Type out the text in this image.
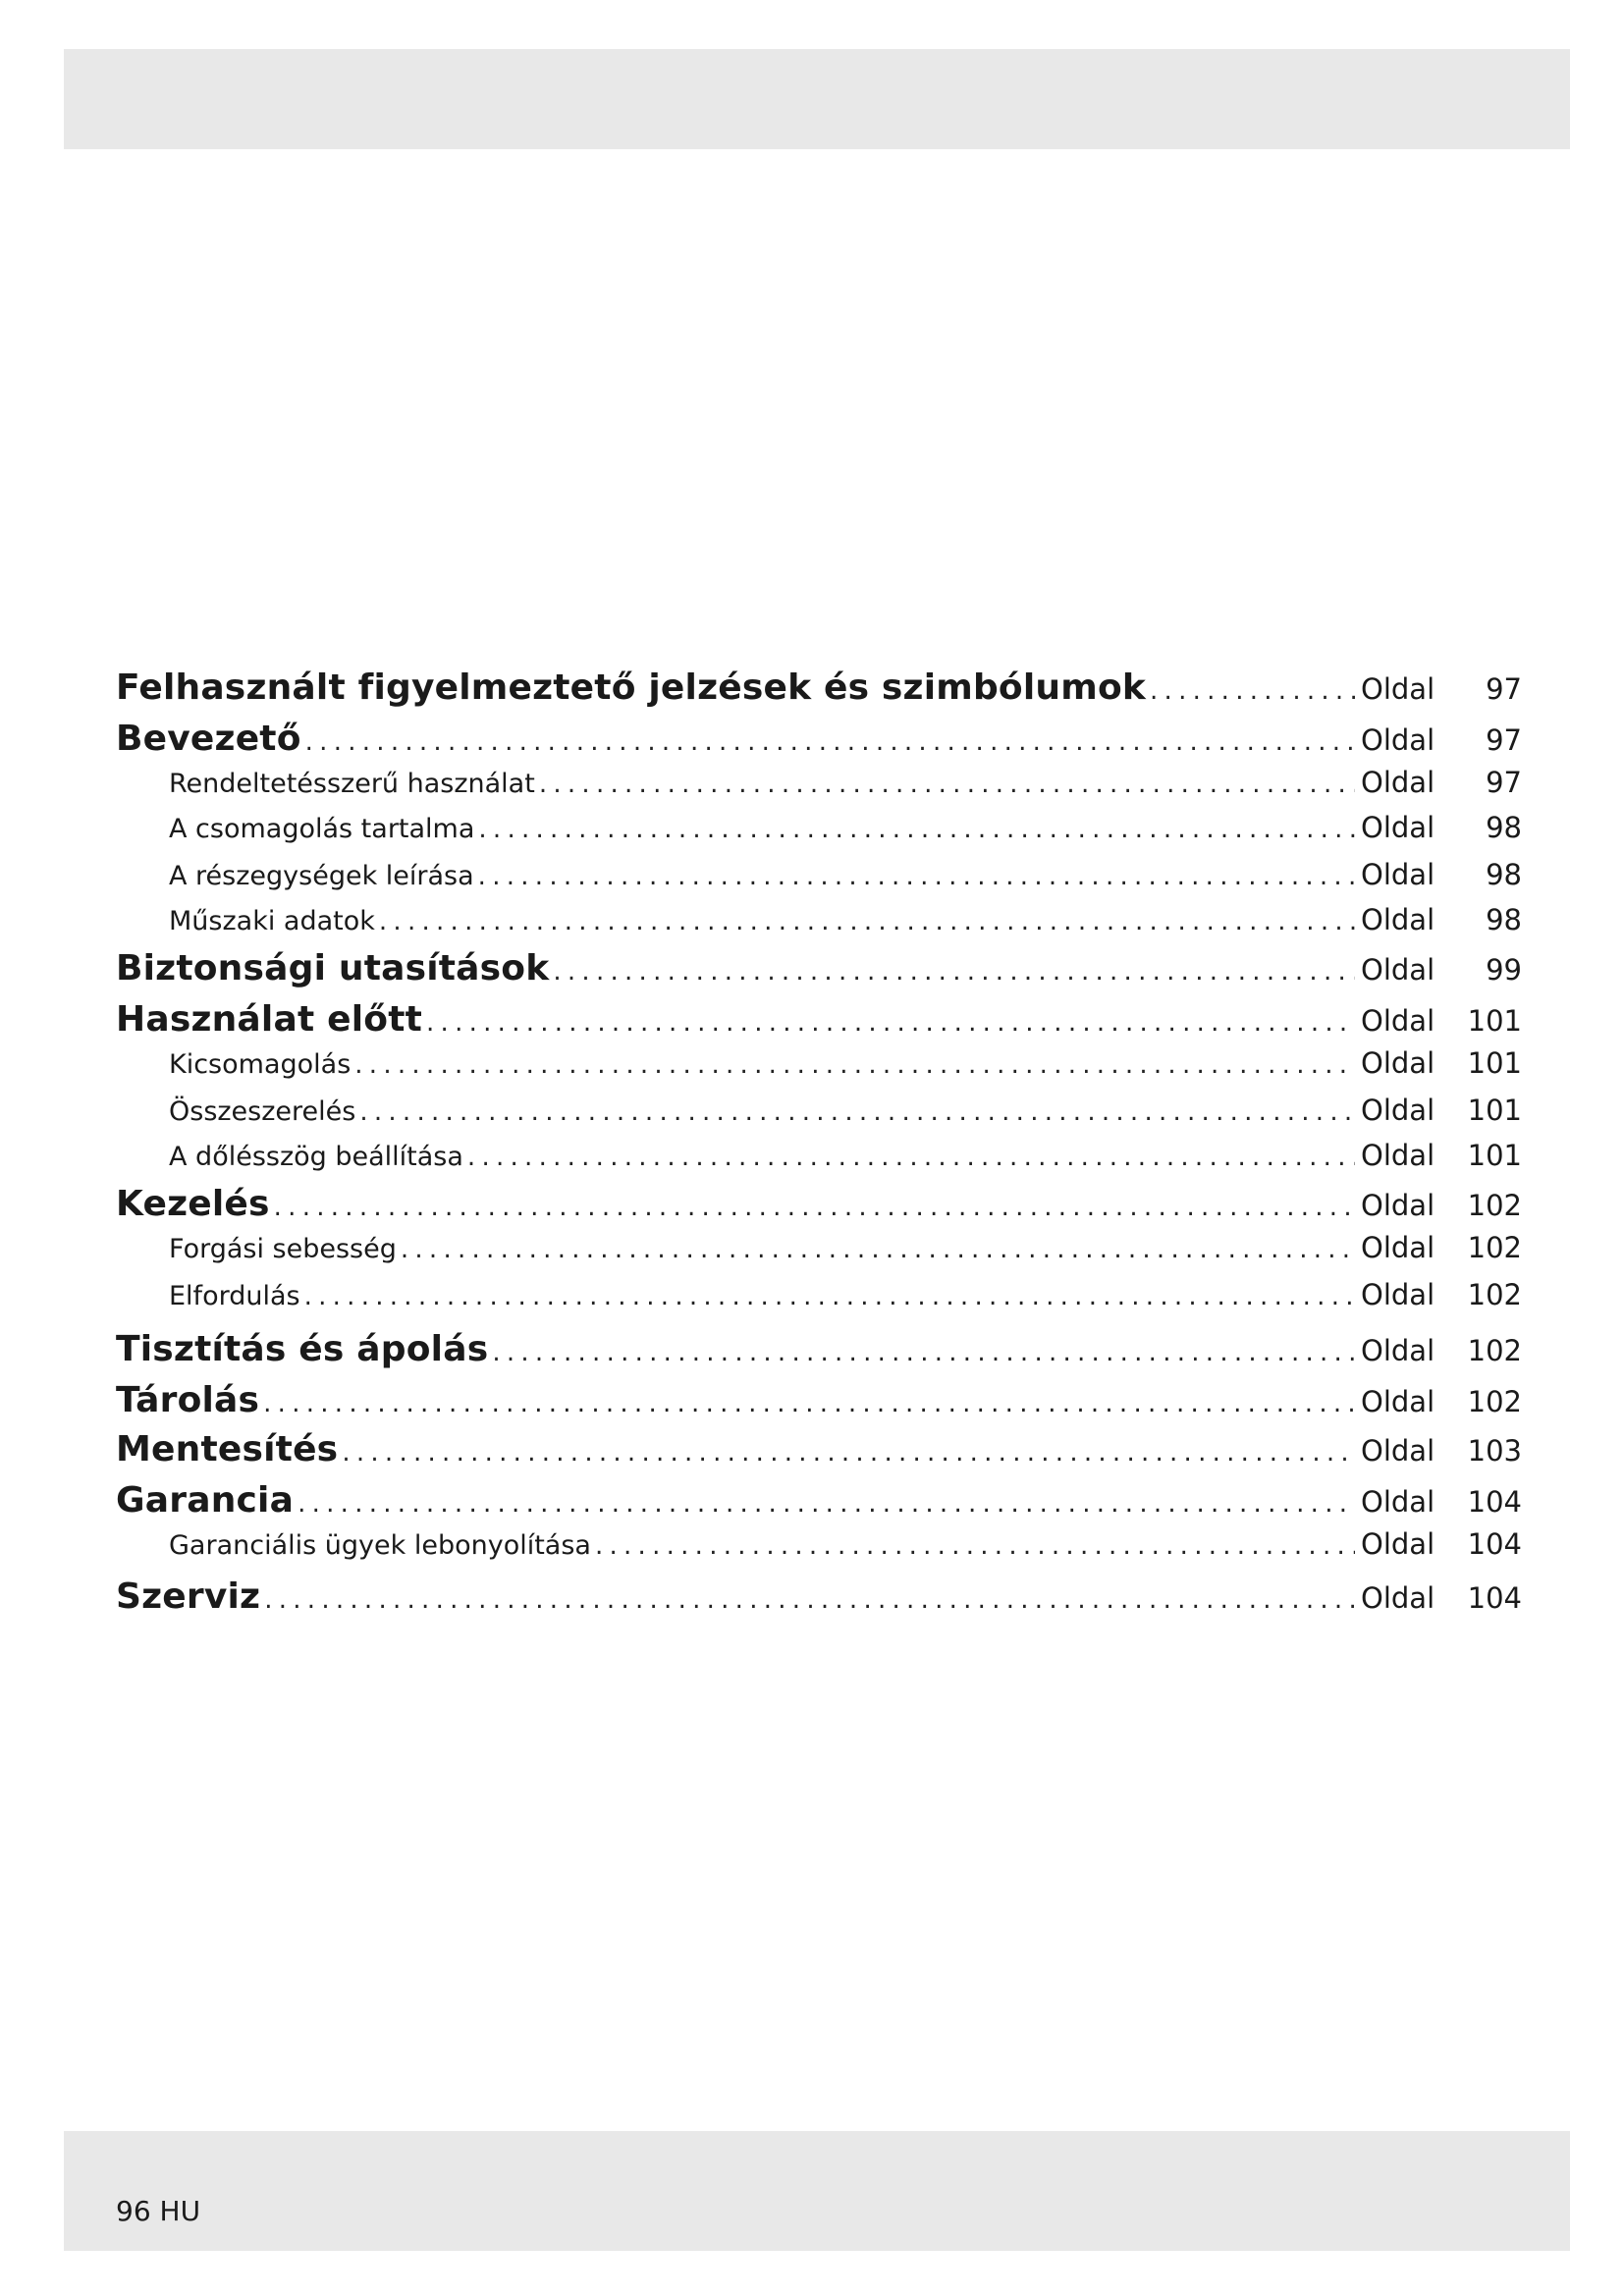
Felhasznált figyelmeztető jelzések és szimbólumok . . .	Oldal	97
Bevezető . . .	Oldal	97
Rendeltetésszerű használat . . .	Oldal	97
A csomagolás tartalma . . .	Oldal	98
A részegységek leírása . . .	Oldal	98
Műszaki adatok . . .	Oldal	98
Biztonsági utasítások . . .	Oldal	99
Használat előtt . . .	Oldal	101
Kicsomagolás . . .	Oldal	101
Összeszerelés . . .	Oldal	101
A dőlésszög beállítása . . .	Oldal	101
Kezelés . . .	Oldal	102
Forgási sebesség . . .	Oldal	102
Elfordulás . . .	Oldal	102
Tisztítás és ápolás . . .	Oldal	102
Tárolás . . .	Oldal	102
Mentesítés . . .	Oldal	103
Garancia . . .	Oldal	104
Garanciális ügyek lebonyolítása . . .	Oldal	104
Szerviz . . .	Oldal	104
96 HU
